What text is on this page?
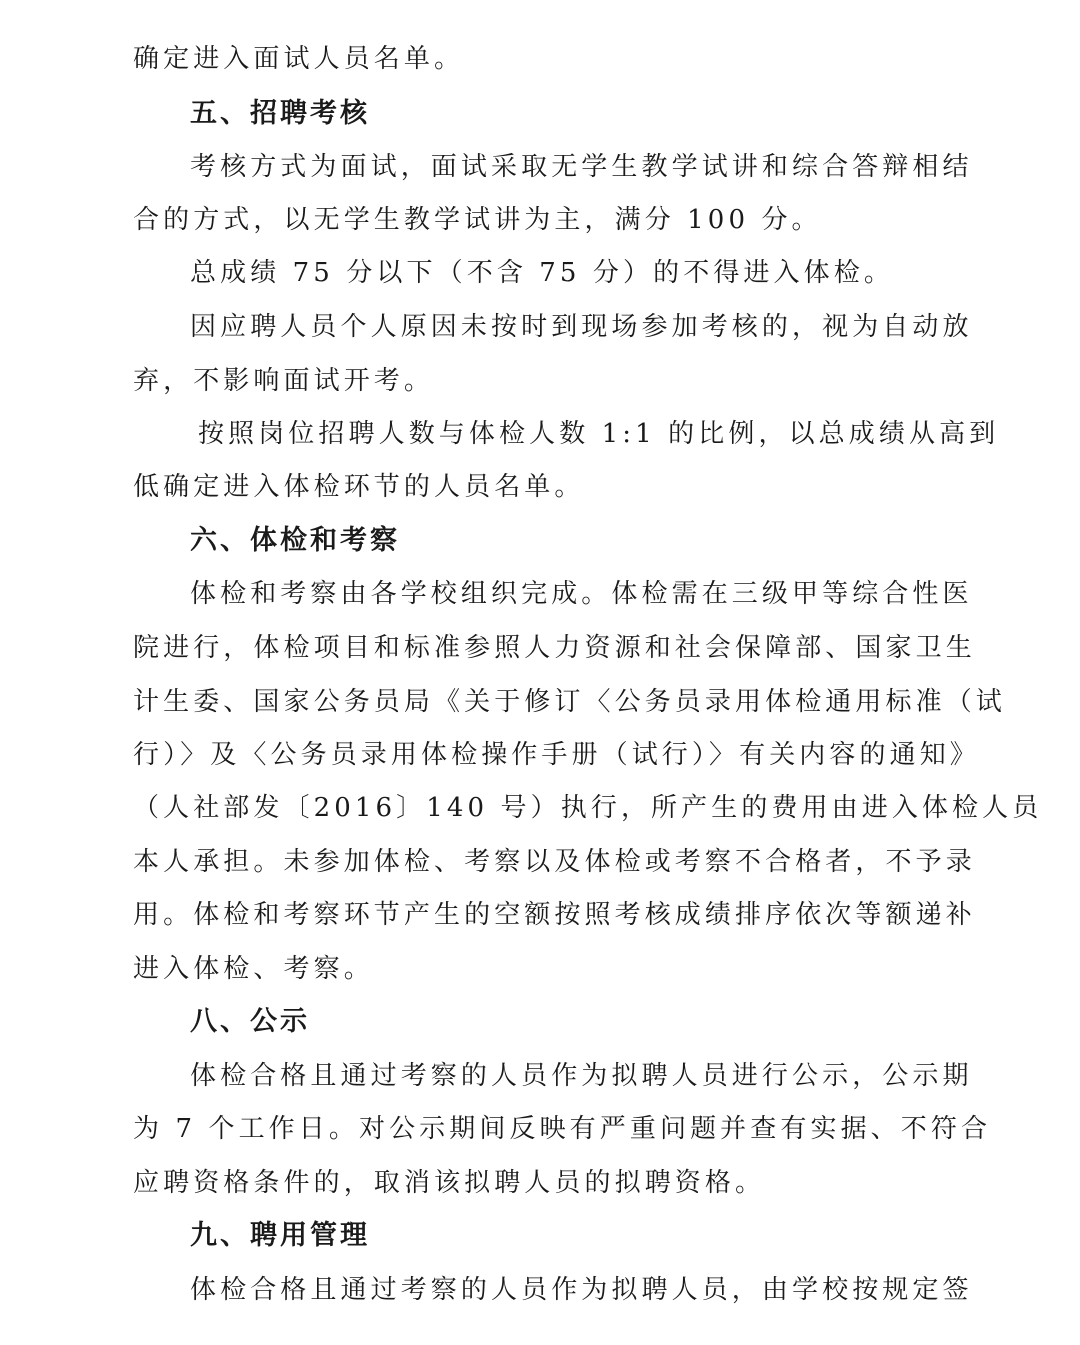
确定进入面试人员名单。
五、招聘考核
考核方式为面试，面试采取无学生教学试讲和综合答辩相结
合的方式，以无学生教学试讲为主，满分 100 分。
总成绩 75 分以下（不含 75 分）的不得进入体检。
因应聘人员个人原因未按时到现场参加考核的，视为自动放
弃，不影响面试开考。
按照岗位招聘人数与体检人数 1:1 的比例，以总成绩从高到
低确定进入体检环节的人员名单。
六、体检和考察
体检和考察由各学校组织完成。体检需在三级甲等综合性医
院进行，体检项目和标准参照人力资源和社会保障部、国家卫生
计生委、国家公务员局《关于修订〈公务员录用体检通用标准（试
行）〉及〈公务员录用体检操作手册（试行）〉有关内容的通知》
（人社部发〔2016〕140 号）执行，所产生的费用由进入体检人员
本人承担。未参加体检、考察以及体检或考察不合格者，不予录
用。体检和考察环节产生的空额按照考核成绩排序依次等额递补
进入体检、考察。
八、公示
体检合格且通过考察的人员作为拟聘人员进行公示，公示期
为 7 个工作日。对公示期间反映有严重问题并查有实据、不符合
应聘资格条件的，取消该拟聘人员的拟聘资格。
九、聘用管理
体检合格且通过考察的人员作为拟聘人员，由学校按规定签
